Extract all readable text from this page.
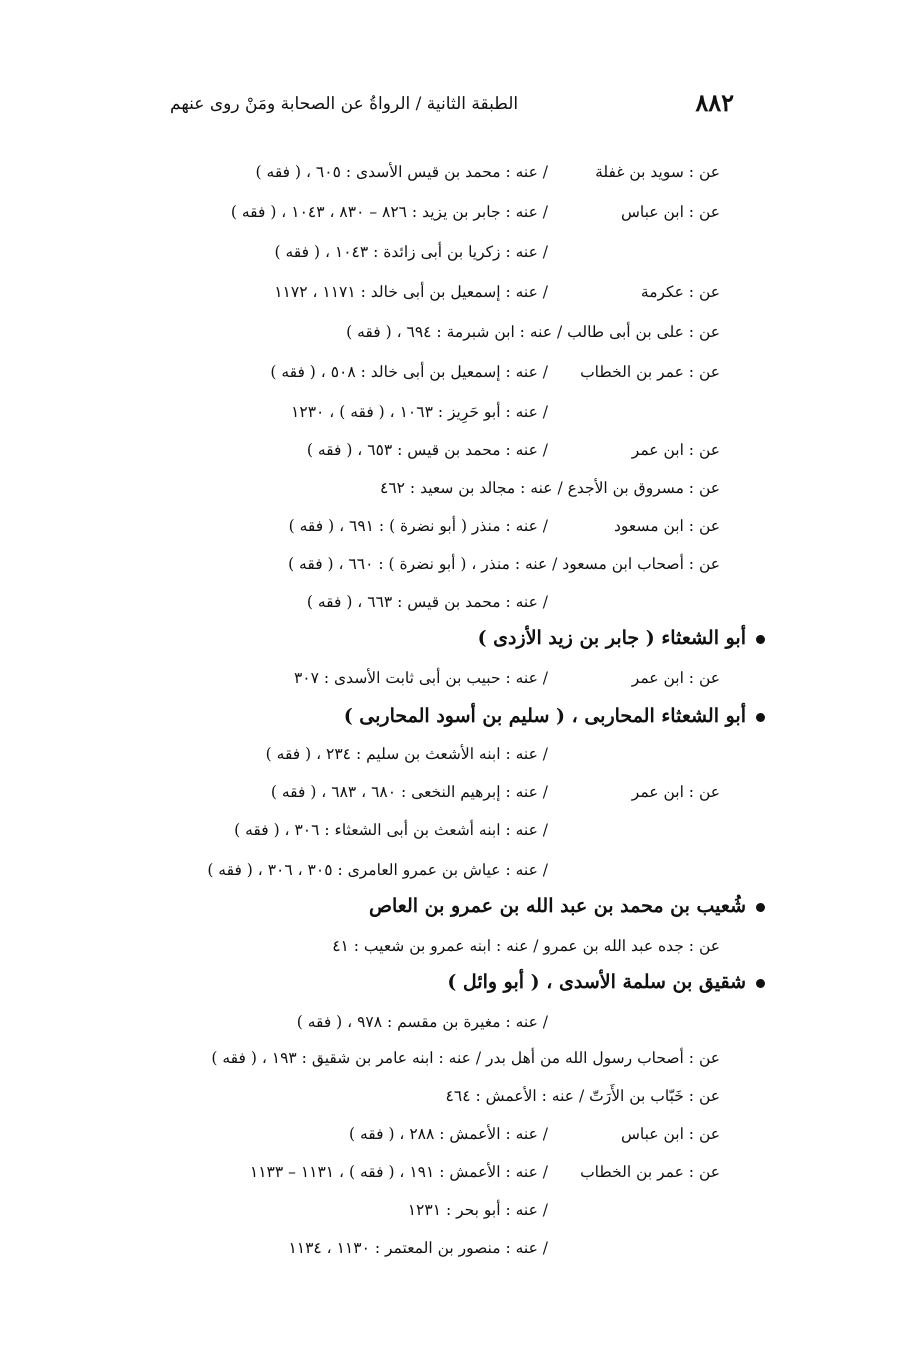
٨٨٢
الطبقة الثانية / الرواةُ عن الصحابة ومَنْ روى عنهم
عن : سويد بن غفلة
/ عنه : محمد بن قيس الأسدى : ٦٠٥ ، ( فقه )
عن : ابن عباس
/ عنه : جابر بن يزيد : ٨٢٦ – ٨٣٠ ، ١٠٤٣ ، ( فقه )
/ عنه : زكريا بن أبى زائدة : ١٠٤٣ ، ( فقه )
عن : عكرمة
/ عنه : إسمعيل بن أبى خالد : ١١٧١ ، ١١٧٢
عن : على بن أبى طالب / عنه : ابن شبرمة : ٦٩٤ ، ( فقه )
عن : عمر بن الخطاب
/ عنه : إسمعيل بن أبى خالد : ٥٠٨ ، ( فقه )
/ عنه : أبو حَرِيز : ١٠٦٣ ، ( فقه ) ، ١٢٣٠
عن : ابن عمر
/ عنه : محمد بن قيس : ٦٥٣ ، ( فقه )
عن : مسروق بن الأجدع / عنه : مجالد بن سعيد : ٤٦٢
عن : ابن مسعود
/ عنه : منذر ( أبو نضرة ) : ٦٩١ ، ( فقه )
عن : أصحاب ابن مسعود / عنه : منذر ، ( أبو نضرة ) : ٦٦٠ ، ( فقه )
/ عنه : محمد بن قيس : ٦٦٣ ، ( فقه )
أبو الشعثاء ( جابر بن زيد الأزدى )
عن : ابن عمر
/ عنه : حبيب بن أبى ثابت الأسدى : ٣٠٧
أبو الشعثاء المحاربى ، ( سليم بن أسود المحاربى )
/ عنه : ابنه الأشعث بن سليم : ٢٣٤ ، ( فقه )
عن : ابن عمر
/ عنه : إبرهيم النخعى : ٦٨٠ ، ٦٨٣ ، ( فقه )
/ عنه : ابنه أشعث بن أبى الشعثاء : ٣٠٦ ، ( فقه )
/ عنه : عياش بن عمرو العامرى : ٣٠٥ ، ٣٠٦ ، ( فقه )
شُعيب بن محمد بن عبد الله بن عمرو بن العاص
عن : جده عبد الله بن عمرو / عنه : ابنه عمرو بن شعيب : ٤١
شقيق بن سلمة الأسدى ، ( أبو وائل )
/ عنه : مغيرة بن مقسم : ٩٧٨ ، ( فقه )
عن : أصحاب رسول الله من أهل بدر / عنه : ابنه عامر بن شقيق : ١٩٣ ، ( فقه )
عن : خَبّاب بن الأَرَتّ / عنه : الأعمش : ٤٦٤
عن : ابن عباس
/ عنه : الأعمش : ٢٨٨ ، ( فقه )
عن : عمر بن الخطاب
/ عنه : الأعمش : ١٩١ ، ( فقه ) ، ١١٣١ – ١١٣٣
/ عنه : أبو بحر : ١٢٣١
/ عنه : منصور بن المعتمر : ١١٣٠ ، ١١٣٤
